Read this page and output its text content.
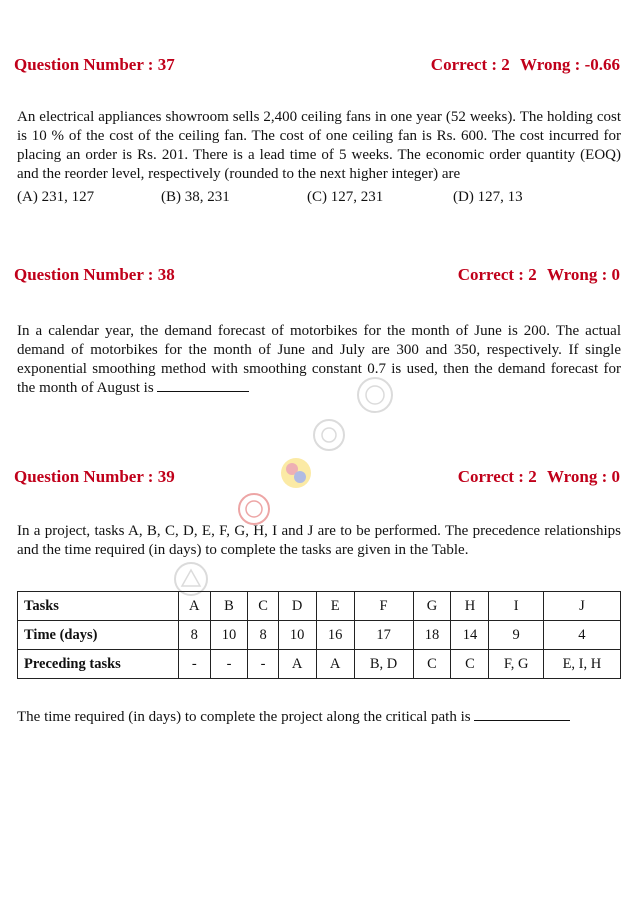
Question Number : 37	Correct : 2 Wrong : -0.66
An electrical appliances showroom sells 2,400 ceiling fans in one year (52 weeks). The holding cost is 10 % of the cost of the ceiling fan. The cost of one ceiling fan is Rs. 600. The cost incurred for placing an order is Rs. 201. There is a lead time of 5 weeks. The economic order quantity (EOQ) and the reorder level, respectively (rounded to the next higher integer) are
(A) 231, 127	(B) 38, 231	(C) 127, 231	(D) 127, 13
Question Number : 38	Correct : 2 Wrong : 0
In a calendar year, the demand forecast of motorbikes for the month of June is 200. The actual demand of motorbikes for the month of June and July are 300 and 350, respectively. If single exponential smoothing method with smoothing constant 0.7 is used, then the demand forecast for the month of August is
Question Number : 39	Correct : 2 Wrong : 0
In a project, tasks A, B, C, D, E, F, G, H, I and J are to be performed. The precedence relationships and the time required (in days) to complete the tasks are given in the Table.
Tasks	A	B	C	D	E	F	G	H	I	J
Time (days)	8	10	8	10	16	17	18	14	9	4
Preceding tasks	-	-	-	A	A	B, D	C	C	F, G	E, I, H
The time required (in days) to complete the project along the critical path is
